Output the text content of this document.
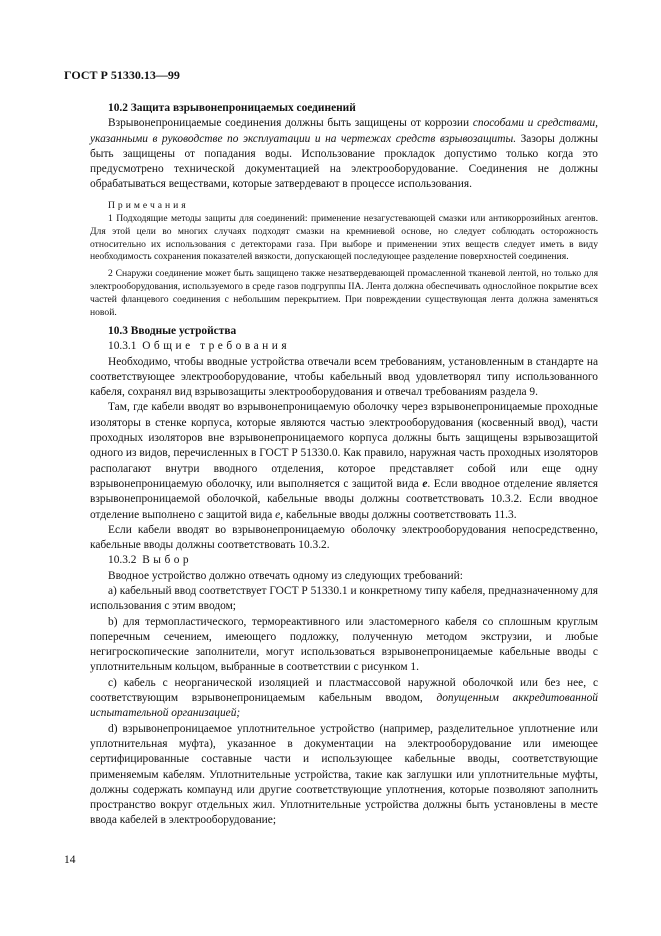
ГОСТ Р 51330.13—99

10.2 Защита взрывонепроницаемых соединений

Взрывонепроницаемые соединения должны быть защищены от коррозии способами и средствами, указанными в руководстве по эксплуатации и на чертежах средств взрывозащиты. Зазоры должны быть защищены от попадания воды. Использование прокладок допустимо только когда это предусмотрено технической документацией на электрооборудование. Соединения не должны обрабатываться веществами, которые затвердевают в процессе использования.

Примечания

1 Подходящие методы защиты для соединений: применение незагустевающей смазки или антикоррозийных агентов. Для этой цели во многих случаях подходят смазки на кремниевой основе, но следует соблюдать осторожность относительно их использования с детекторами газа. При выборе и применении этих веществ следует иметь в виду необходимость сохранения показателей вязкости, допускающей последующее разделение поверхностей соединения.

2 Снаружи соединение может быть защищено также незатвердевающей промасленной тканевой лентой, но только для электрооборудования, используемого в среде газов подгруппы IIA. Лента должна обеспечивать однослойное покрытие всех частей фланцевого соединения с небольшим перекрытием. При повреждении существующая лента должна заменяться новой.

10.3 Вводные устройства

10.3.1 Общие требования

Необходимо, чтобы вводные устройства отвечали всем требованиям, установленным в стандарте на соответствующее электрооборудование, чтобы кабельный ввод удовлетворял типу использованного кабеля, сохранял вид взрывозащиты электрооборудования и отвечал требованиям раздела 9.

Там, где кабели вводят во взрывонепроницаемую оболочку через взрывонепроницаемые проходные изоляторы в стенке корпуса, которые являются частью электрооборудования (косвенный ввод), части проходных изоляторов вне взрывонепроницаемого корпуса должны быть защищены взрывозащитой одного из видов, перечисленных в ГОСТ Р 51330.0. Как правило, наружная часть проходных изоляторов располагают внутри вводного отделения, которое представляет собой или еще одну взрывонепроницаемую оболочку, или выполняется с защитой вида е. Если вводное отделение является взрывонепроницаемой оболочкой, кабельные вводы должны соответствовать 10.3.2. Если вводное отделение выполнено с защитой вида е, кабельные вводы должны соответствовать 11.3.

Если кабели вводят во взрывонепроницаемую оболочку электрооборудования непосредственно, кабельные вводы должны соответствовать 10.3.2.

10.3.2 Выбор

Вводное устройство должно отвечать одному из следующих требований:

а) кабельный ввод соответствует ГОСТ Р 51330.1 и конкретному типу кабеля, предназначенному для использования с этим вводом;

b) для термопластического, термореактивного или эластомерного кабеля со сплошным круглым поперечным сечением, имеющего подложку, полученную методом экструзии, и любые негигроскопические заполнители, могут использоваться взрывонепроницаемые кабельные вводы с уплотнительным кольцом, выбранные в соответствии с рисунком 1.

с) кабель с неорганической изоляцией и пластмассовой наружной оболочкой или без нее, с соответствующим взрывонепроницаемым кабельным вводом, допущенным аккредитованной испытательной организацией;

d) взрывонепроницаемое уплотнительное устройство (например, разделительное уплотнение или уплотнительная муфта), указанное в документации на электрооборудование или имеющее сертифицированные составные части и использующее кабельные вводы, соответствующие применяемым кабелям. Уплотнительные устройства, такие как заглушки или уплотнительные муфты, должны содержать компаунд или другие соответствующие уплотнения, которые позволяют заполнить пространство вокруг отдельных жил. Уплотнительные устройства должны быть установлены в месте ввода кабелей в электрооборудование;

14
